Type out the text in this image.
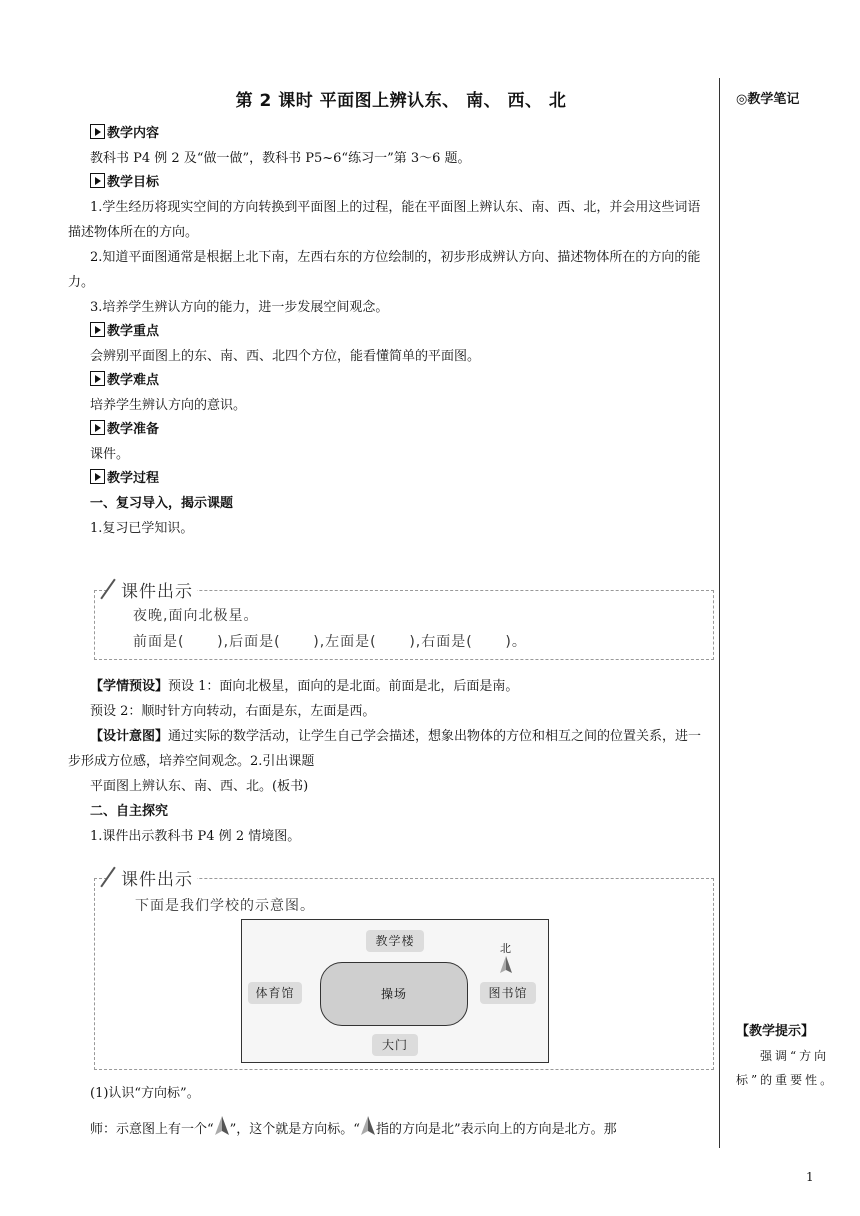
◎教学笔记
【教学提示】
强调“方向标”的重要性。
第 2 课时 平面图上辨认东、 南、 西、 北
教学内容

教科书 P4 例 2 及“做一做”，教科书 P5~6“练习一”第 3～6 题。

教学目标

1.学生经历将现实空间的方向转换到平面图上的过程，能在平面图上辨认东、南、西、北，并会用这些词语描述物体所在的方向。

2.知道平面图通常是根据上北下南，左西右东的方位绘制的，初步形成辨认方向、描述物体所在的方向的能力。

3.培养学生辨认方向的能力，进一步发展空间观念。

教学重点

会辨别平面图上的东、南、西、北四个方位，能看懂简单的平面图。

教学难点

培养学生辨认方向的意识。

教学准备

课件。

教学过程

一、复习导入，揭示课题

1.复习已学知识。

课件出示
夜晚,面向北极星。
前面是(      ),后面是(      ),左面是(      ),右面是(      )。

【学情预设】预设 1：面向北极星，面向的是北面。前面是北，后面是南。

预设 2：顺时针方向转动，右面是东，左面是西。

【设计意图】通过实际的数学活动，让学生自己学会描述，想象出物体的方位和相互之间的位置关系，进一步形成方位感，培养空间观念。2.引出课题

平面图上辨认东、南、西、北。(板书)

二、自主探究

1.课件出示教科书 P4 例 2 情境图。

课件出示
下面是我们学校的示意图。
教学楼
体育馆	操场	图书馆
大门
北

(1)认识“方向标”。

师：示意图上有一个“ ”，这个就是方向标。“ 指的方向是北”表示向上的方向是北方。那

1
